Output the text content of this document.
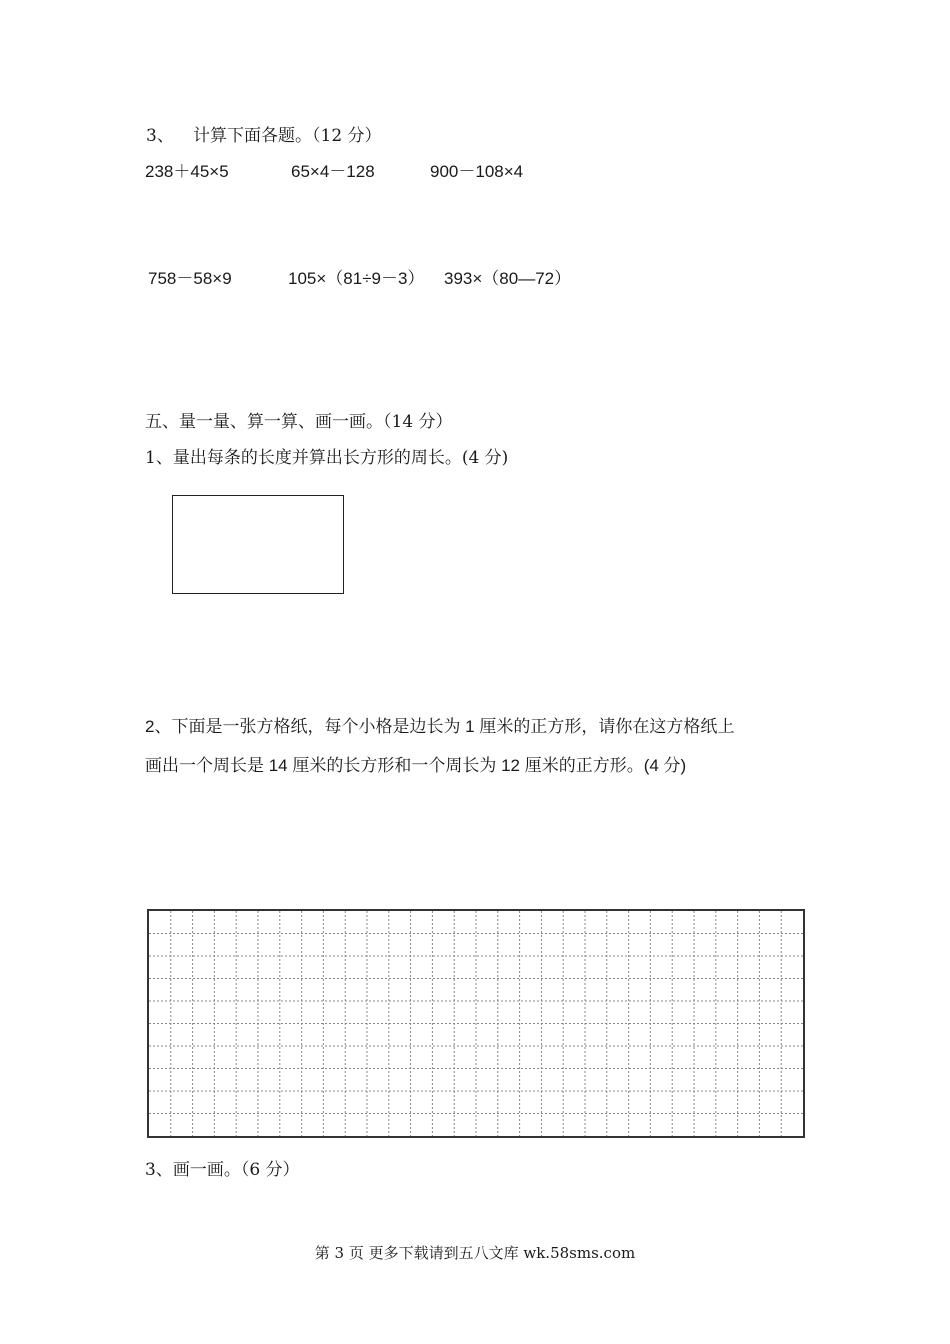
3、 计算下面各题。（12 分）
238＋45×5	65×4－128	900－108×4
758－58×9	105×（81÷9－3） 393×（80—72）
五、量一量、算一算、画一画。（14 分）
1、量出每条的长度并算出长方形的周长。(4 分)
2、下面是一张方格纸，每个小格是边长为 1 厘米的正方形，请你在这方格纸上
画出一个周长是 14 厘米的长方形和一个周长为 12 厘米的正方形。(4 分)
3、画一画。（6 分）
第 3 页 更多下载请到五八文库 wk.58sms.com
